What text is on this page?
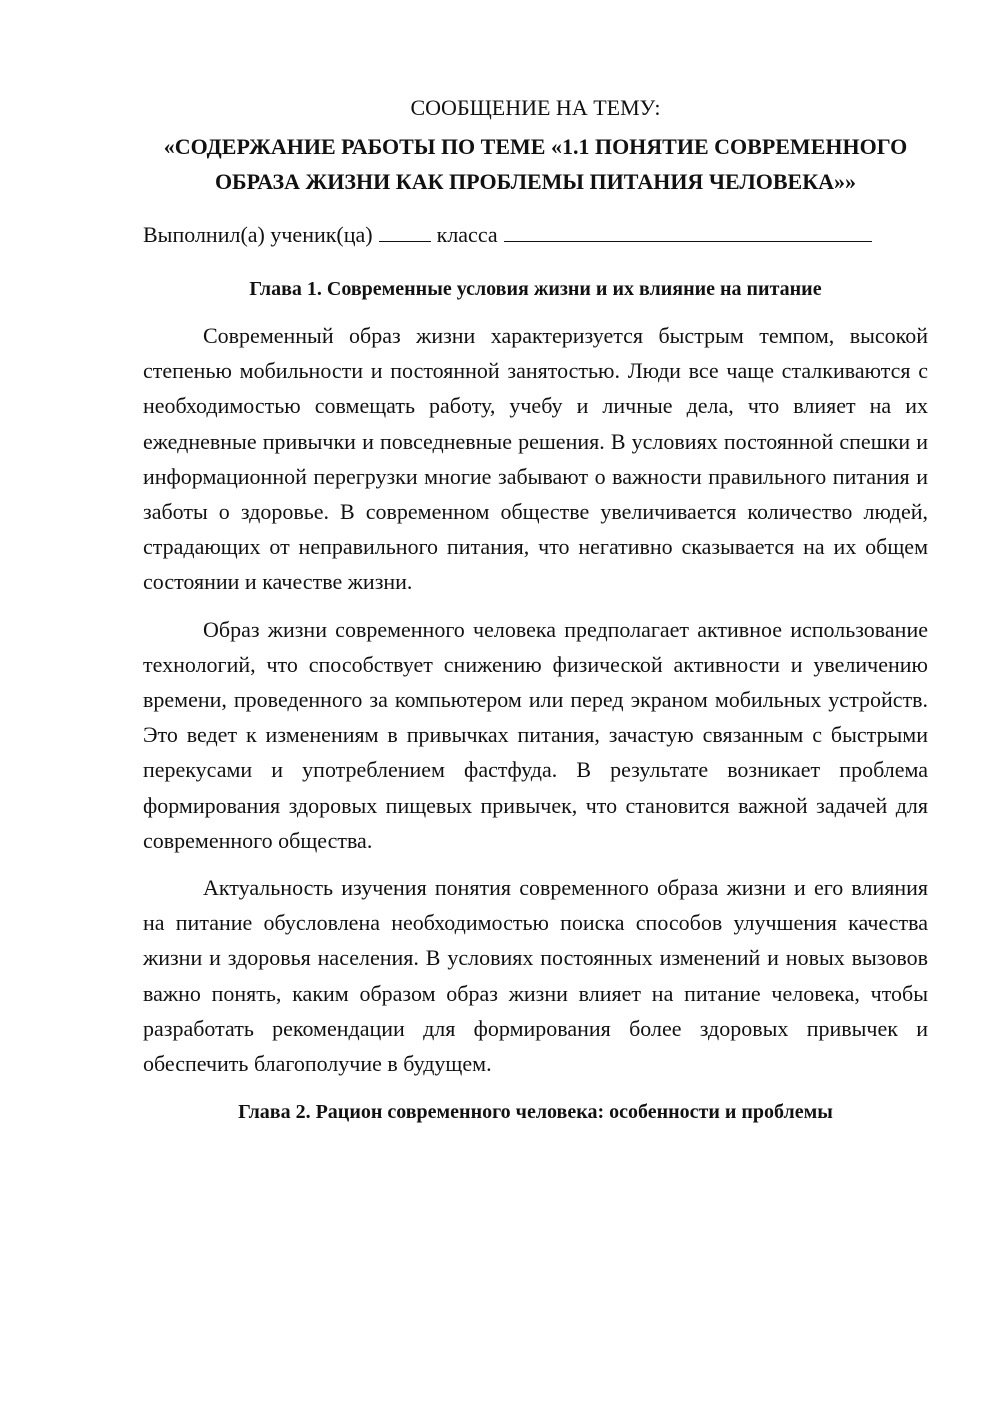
СООБЩЕНИЕ НА ТЕМУ:

«СОДЕРЖАНИЕ РАБОТЫ ПО ТЕМЕ «1.1 ПОНЯТИЕ СОВРЕМЕННОГО ОБРАЗА ЖИЗНИ КАК ПРОБЛЕМЫ ПИТАНИЯ ЧЕЛОВЕКА»»

Выполнил(а) ученик(ца)	класса

Глава 1. Современные условия жизни и их влияние на питание

Современный образ жизни характеризуется быстрым темпом, высокой степенью мобильности и постоянной занятостью. Люди все чаще сталкиваются с необходимостью совмещать работу, учебу и личные дела, что влияет на их ежедневные привычки и повседневные решения. В условиях постоянной спешки и информационной перегрузки многие забывают о важности правильного питания и заботы о здоровье. В современном обществе увеличивается количество людей, страдающих от неправильного питания, что негативно сказывается на их общем состоянии и качестве жизни.

Образ жизни современного человека предполагает активное использование технологий, что способствует снижению физической активности и увеличению времени, проведенного за компьютером или перед экраном мобильных устройств. Это ведет к изменениям в привычках питания, зачастую связанным с быстрыми перекусами и употреблением фастфуда. В результате возникает проблема формирования здоровых пищевых привычек, что становится важной задачей для современного общества.

Актуальность изучения понятия современного образа жизни и его влияния на питание обусловлена необходимостью поиска способов улучшения качества жизни и здоровья населения. В условиях постоянных изменений и новых вызовов важно понять, каким образом образ жизни влияет на питание человека, чтобы разработать рекомендации для формирования более здоровых привычек и обеспечить благополучие в будущем.

Глава 2. Рацион современного человека: особенности и проблемы
